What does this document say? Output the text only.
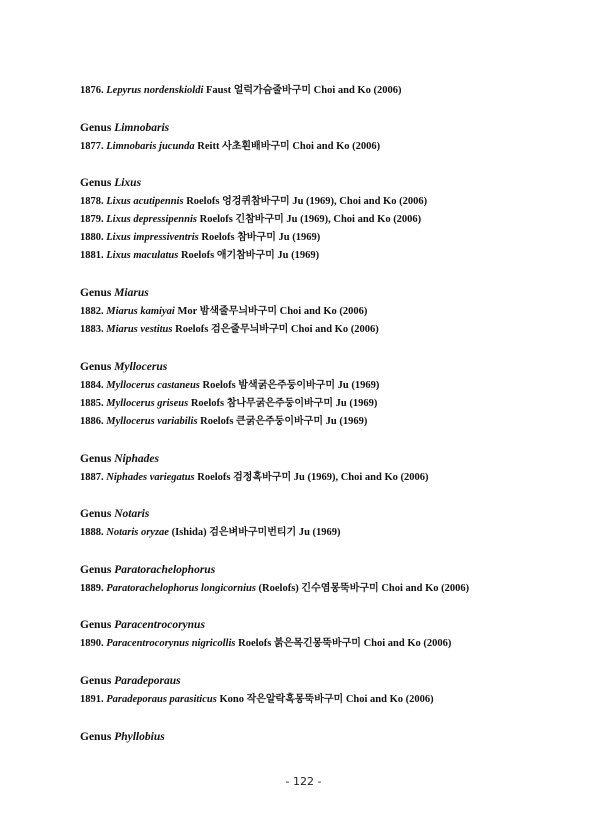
1876. Lepyrus nordenskioldi Faust 얼럭가슴줄바구미 Choi and Ko (2006)
Genus Limnobaris
1877. Limnobaris jucunda Reitt 사초흰배바구미 Choi and Ko (2006)
Genus Lixus
1878. Lixus acutipennis Roelofs 엉겅퀴참바구미 Ju (1969), Choi and Ko (2006)
1879. Lixus depressipennis Roelofs 긴참바구미 Ju (1969), Choi and Ko (2006)
1880. Lixus impressiventris Roelofs 참바구미 Ju (1969)
1881. Lixus maculatus Roelofs 애기참바구미 Ju (1969)
Genus Miarus
1882. Miarus kamiyai Mor 밤색줄무늬바구미 Choi and Ko (2006)
1883. Miarus vestitus Roelofs 검은줄무늬바구미 Choi and Ko (2006)
Genus Myllocerus
1884. Myllocerus castaneus Roelofs 밤색굵은주둥이바구미 Ju (1969)
1885. Myllocerus griseus Roelofs 참나무굵은주둥이바구미 Ju (1969)
1886. Myllocerus variabilis Roelofs 큰굵은주둥이바구미 Ju (1969)
Genus Niphades
1887. Niphades variegatus Roelofs 검정혹바구미 Ju (1969), Choi and Ko (2006)
Genus Notaris
1888. Notaris oryzae (Ishida) 검은벼바구미번티기 Ju (1969)
Genus Paratorachelophorus
1889. Paratorachelophorus longicornius (Roelofs) 긴수염몽뚝바구미 Choi and Ko (2006)
Genus Paracentrocorynus
1890. Paracentrocorynus nigricollis Roelofs 붉은목긴몽뚝바구미 Choi and Ko (2006)
Genus Paradeporaus
1891. Paradeporaus parasiticus Kono 작은알락혹몽뚝바구미 Choi and Ko (2006)
Genus Phyllobius
- 122 -
